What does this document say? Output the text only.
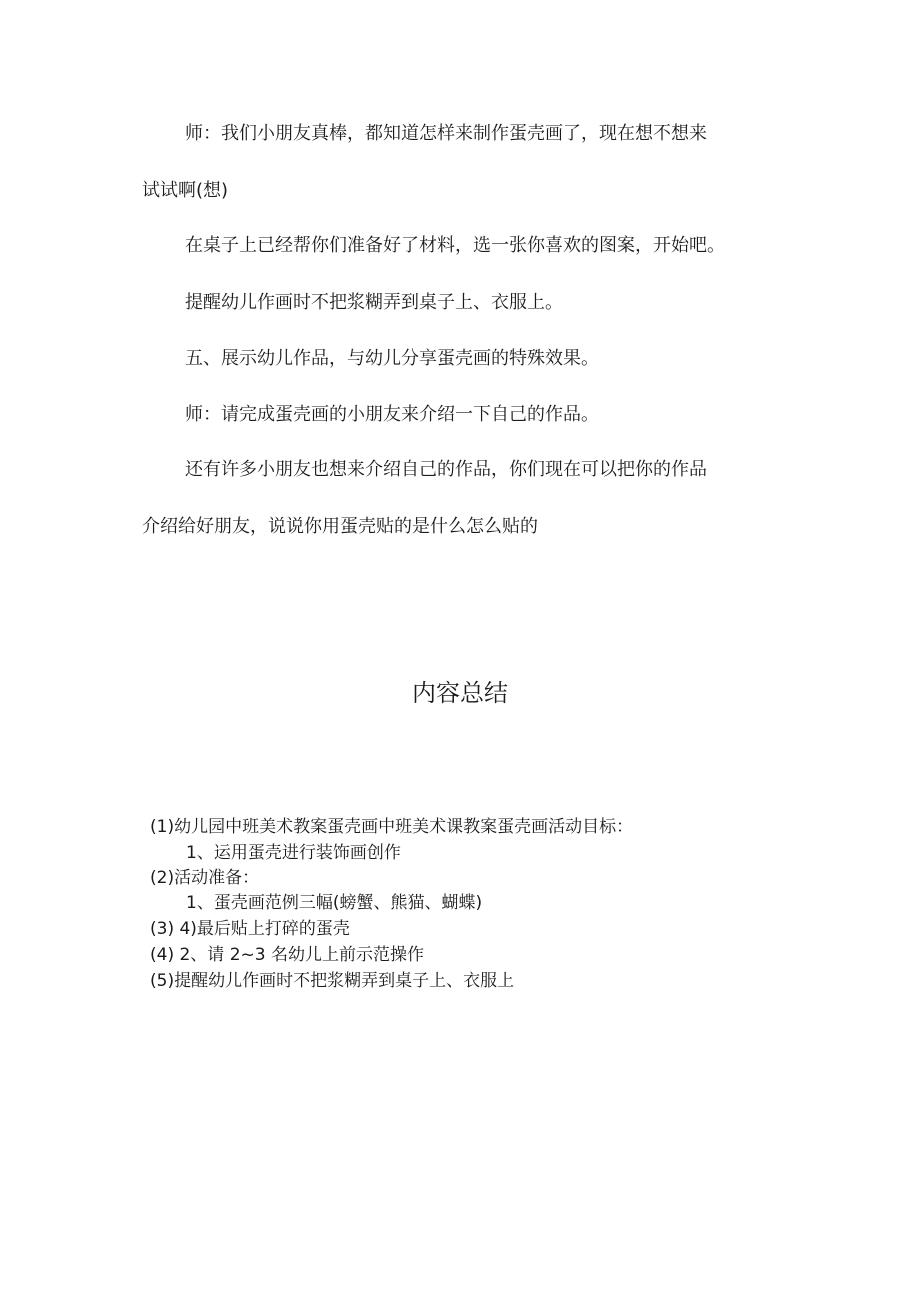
师：我们小朋友真棒，都知道怎样来制作蛋壳画了，现在想不想来
试试啊(想)
在桌子上已经帮你们准备好了材料，选一张你喜欢的图案，开始吧。
提醒幼儿作画时不把浆糊弄到桌子上、衣服上。
五、展示幼儿作品，与幼儿分享蛋壳画的特殊效果。
师：请完成蛋壳画的小朋友来介绍一下自己的作品。
还有许多小朋友也想来介绍自己的作品，你们现在可以把你的作品
介绍给好朋友，说说你用蛋壳贴的是什么怎么贴的
内容总结
(1)幼儿园中班美术教案蛋壳画中班美术课教案蛋壳画活动目标：
1、运用蛋壳进行装饰画创作
(2)活动准备：
1、蛋壳画范例三幅(螃蟹、熊猫、蝴蝶)
(3) 4)最后贴上打碎的蛋壳
(4) 2、请 2~3 名幼儿上前示范操作
(5)提醒幼儿作画时不把浆糊弄到桌子上、衣服上
